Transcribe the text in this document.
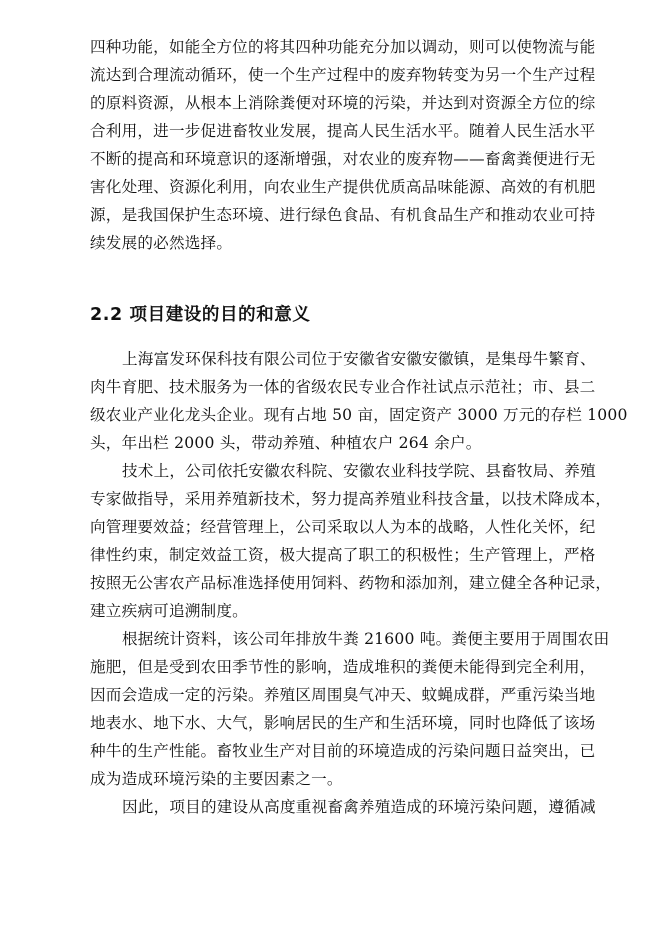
四种功能，如能全方位的将其四种功能充分加以调动，则可以使物流与能
流达到合理流动循环，使一个生产过程中的废弃物转变为另一个生产过程
的原料资源，从根本上消除粪便对环境的污染，并达到对资源全方位的综
合利用，进一步促进畜牧业发展，提高人民生活水平。随着人民生活水平
不断的提高和环境意识的逐渐增强，对农业的废弃物——畜禽粪便进行无
害化处理、资源化利用，向农业生产提供优质高品味能源、高效的有机肥
源，是我国保护生态环境、进行绿色食品、有机食品生产和推动农业可持
续发展的必然选择。
2.2 项目建设的目的和意义
上海富发环保科技有限公司位于安徽省安徽安徽镇，是集母牛繁育、
肉牛育肥、技术服务为一体的省级农民专业合作社试点示范社；市、县二
级农业产业化龙头企业。现有占地 50 亩，固定资产 3000 万元的存栏 1000
头，年出栏 2000 头，带动养殖、种植农户 264 余户。
技术上，公司依托安徽农科院、安徽农业科技学院、县畜牧局、养殖
专家做指导，采用养殖新技术，努力提高养殖业科技含量，以技术降成本，
向管理要效益；经营管理上，公司采取以人为本的战略，人性化关怀，纪
律性约束，制定效益工资，极大提高了职工的积极性；生产管理上，严格
按照无公害农产品标准选择使用饲料、药物和添加剂，建立健全各种记录，
建立疾病可追溯制度。
根据统计资料，该公司年排放牛粪 21600 吨。粪便主要用于周围农田
施肥，但是受到农田季节性的影响，造成堆积的粪便未能得到完全利用，
因而会造成一定的污染。养殖区周围臭气冲天、蚊蝇成群，严重污染当地
地表水、地下水、大气，影响居民的生产和生活环境，同时也降低了该场
种牛的生产性能。畜牧业生产对目前的环境造成的污染问题日益突出，已
成为造成环境污染的主要因素之一。
因此，项目的建设从高度重视畜禽养殖造成的环境污染问题，遵循减
